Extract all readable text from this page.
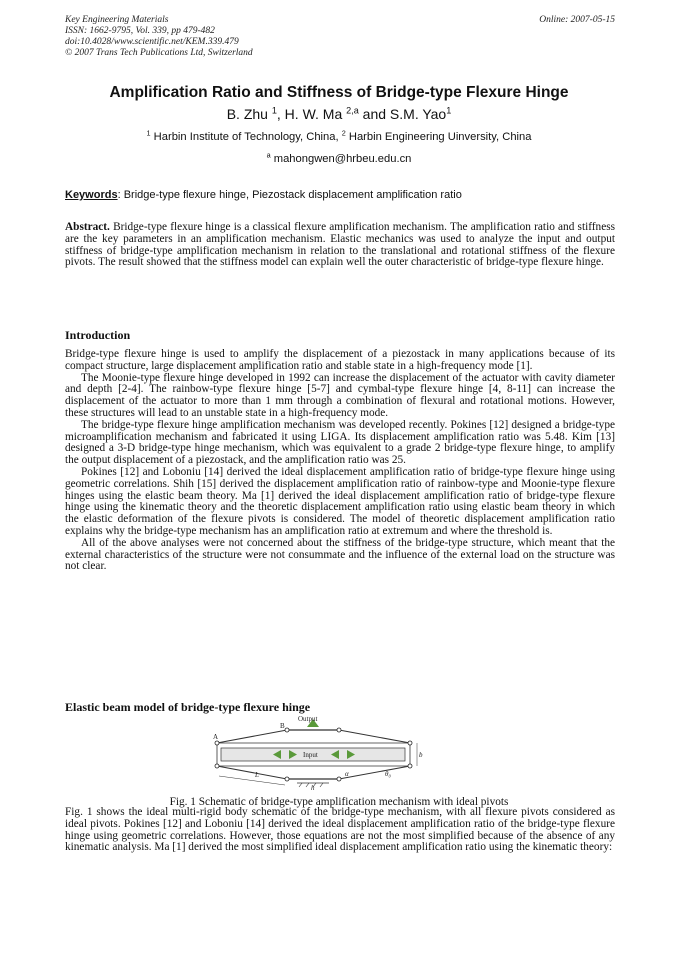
Key Engineering Materials
ISSN: 1662-9795, Vol. 339, pp 479-482
doi:10.4028/www.scientific.net/KEM.339.479
© 2007 Trans Tech Publications Ltd, Switzerland
Online: 2007-05-15
Amplification Ratio and Stiffness of Bridge-type Flexure Hinge
B. Zhu $^1$, H. W. Ma $^{2,a}$ and S.M. Yao$^1$
$^1$ Harbin Institute of Technology, China, $^2$ Harbin Engineering Uinversity, China
$^a$ mahongwen@hrbeu.edu.cn
Keywords: Bridge-type flexure hinge, Piezostack displacement amplification ratio

Abstract. Bridge-type flexure hinge is a classical flexure amplification mechanism. The amplification ratio and stiffness are the key parameters in an amplification mechanism. Elastic mechanics was used to analyze the input and output stiffness of bridge-type amplification mechanism in relation to the translational and rotational stiffness of the flexure pivots. The result showed that the stiffness model can explain well the outer characteristic of bridge-type flexure hinge.

Introduction

Bridge-type flexure hinge is used to amplify the displacement of a piezostack in many applications because of its compact structure, large displacement amplification ratio and stable state in a high-frequency mode [1].

The Moonie-type flexure hinge developed in 1992 can increase the displacement of the actuator with cavity diameter and depth [2-4]. The rainbow-type flexure hinge [5-7] and cymbal-type flexure hinge [4, 8-11] can increase the displacement of the actuator to more than 1 mm through a combination of flexural and rotational motions. However, these structures will lead to an unstable state in a high-frequency mode.

The bridge-type flexure hinge amplification mechanism was developed recently. Pokines [12] designed a bridge-type microamplification mechanism and fabricated it using LIGA. Its displacement amplification ratio was 5.48. Kim [13] designed a 3-D bridge-type hinge mechanism, which was equivalent to a grade 2 bridge-type flexure hinge, to amplify the output displacement of a piezostack, and the amplification ratio was 25.

Pokines [12] and Loboniu [14] derived the ideal displacement amplification ratio of bridge-type flexure hinge using geometric correlations. Shih [15] derived the displacement amplification ratio of rainbow-type and Moonie-type flexure hinges using the elastic beam theory. Ma [1] derived the ideal displacement amplification ratio of bridge-type flexure hinge using the kinematic theory and the theoretic displacement amplification ratio using elastic beam theory in which the elastic deformation of the flexure pivots is considered. The model of theoretic displacement amplification ratio explains why the bridge-type mechanism has an amplification ratio at extremum and where the threshold is.

All of the above analyses were not concerned about the stiffness of the bridge-type structure, which meant that the external characteristics of the structure were not consummate and the influence of the external load on the structure was not clear.

Elastic beam model of bridge-type flexure hinge
Output
Input
A
B
b
L
h
θ₀
α
Fig. 1 Schematic of bridge-type amplification mechanism with ideal pivots

Fig. 1 shows the ideal multi-rigid body schematic of the bridge-type mechanism, with all flexure pivots considered as ideal pivots. Pokines [12] and Loboniu [14] derived the ideal displacement amplification ratio of the bridge-type flexure hinge using geometric correlations. However, those equations are not the most simplified because of the absence of any kinematic analysis. Ma [1] derived the most simplified ideal displacement amplification ratio using the kinematic theory:
